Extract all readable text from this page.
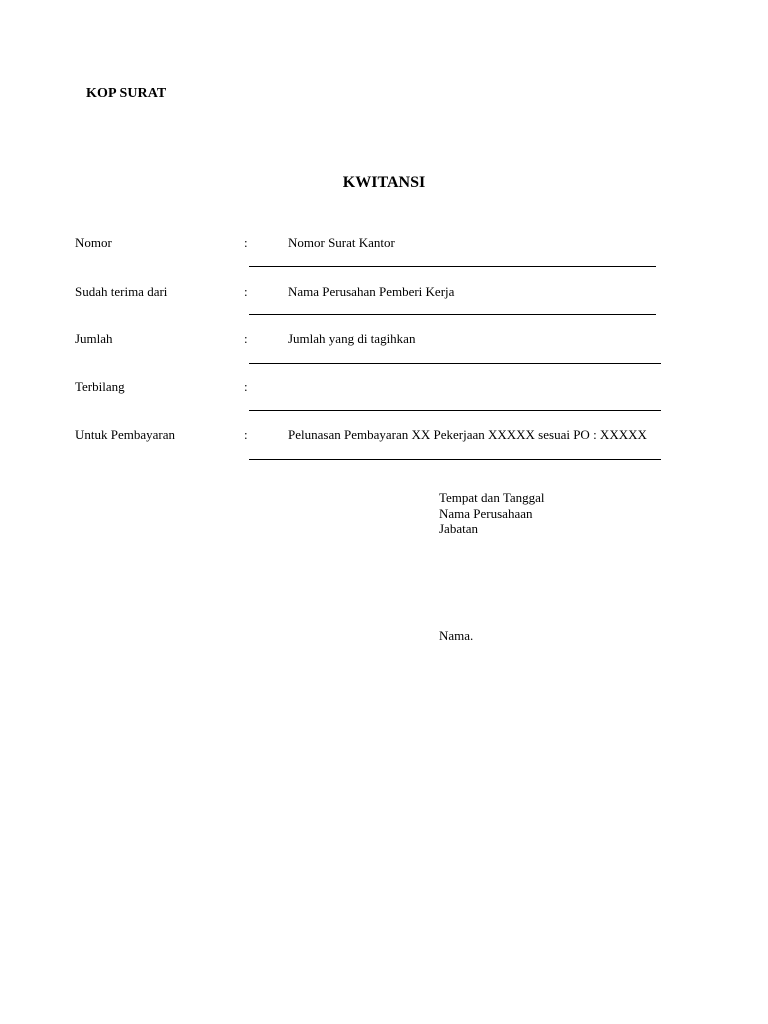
KOP SURAT
KWITANSI
Nomor	:	Nomor Surat Kantor
Sudah terima dari	:	Nama Perusahan Pemberi Kerja
Jumlah	:	Jumlah yang di tagihkan
Terbilang	:
Untuk Pembayaran	:	Pelunasan Pembayaran XX Pekerjaan XXXXX sesuai PO : XXXXX
Tempat dan Tanggal
Nama Perusahaan
Jabatan
Nama.
